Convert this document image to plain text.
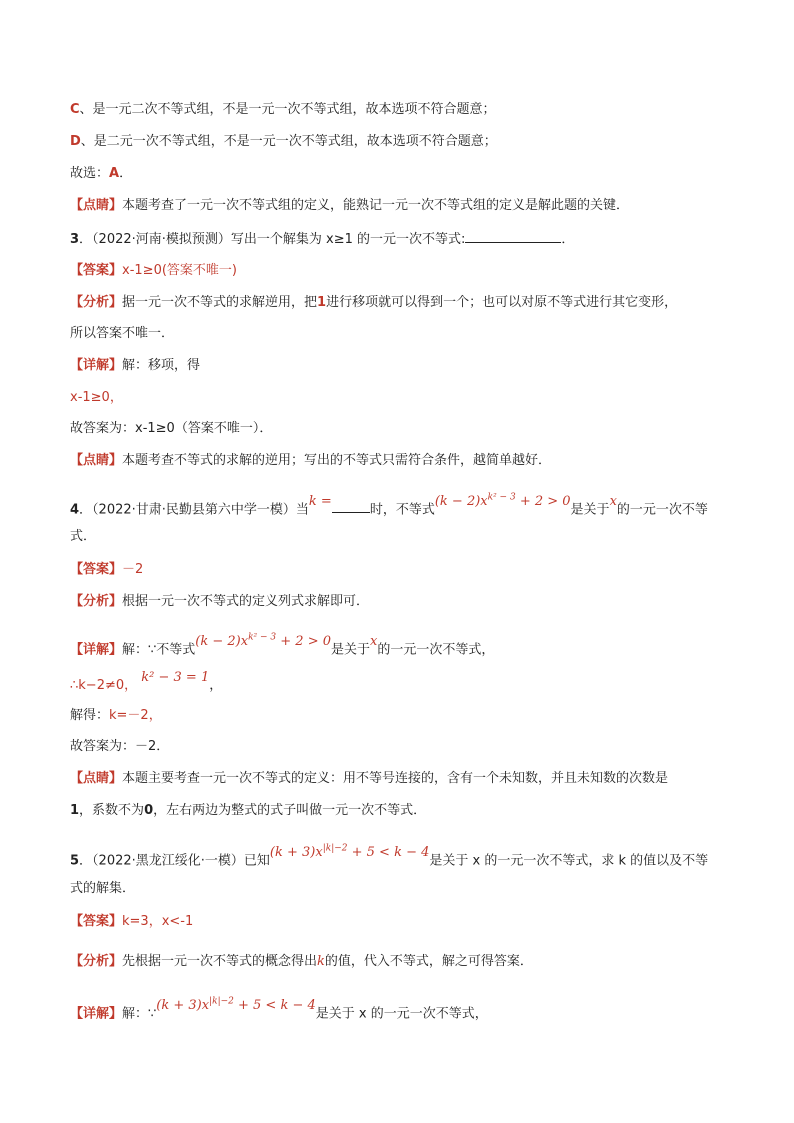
C、是一元二次不等式组，不是一元一次不等式组，故本选项不符合题意；
D、是二元一次不等式组，不是一元一次不等式组，故本选项不符合题意；
故选：A．
【点睛】本题考查了一元一次不等式组的定义，能熟记一元一次不等式组的定义是解此题的关键．
3．（2022·河南·模拟预测）写出一个解集为 x≥1 的一元一次不等式:	．
【答案】x-1≥0(答案不唯一)
【分析】据一元一次不等式的求解逆用，把1进行移项就可以得到一个；也可以对原不等式进行其它变形，
所以答案不唯一．
【详解】解：移项，得
x-1≥0，
故答案为：x-1≥0（答案不唯一）．
【点睛】本题考查不等式的求解的逆用；写出的不等式只需符合条件，越简单越好．
4．（2022·甘肃·民勤县第六中学一模）当k =时，不等式$(k - 2)x^{k^2 - 3} + 2 > 0$是关于x的一元一次不等
式．
【答案】－2
【分析】根据一元一次不等式的定义列式求解即可．
【详解】解：∵不等式$(k - 2)x^{k^2 - 3} + 2 > 0$是关于x的一元一次不等式，
∴k−2≠0， k² − 3 = 1，
解得：k=－2，
故答案为：－2．
【点睛】本题主要考查一元一次不等式的定义：用不等号连接的，含有一个未知数，并且未知数的次数是
1，系数不为0，左右两边为整式的式子叫做一元一次不等式．
5．（2022·黑龙江绥化·一模）已知$(k + 3)x^{|k|-2} + 5 < k - 4$是关于 x 的一元一次不等式，求 k 的值以及不等
式的解集．
【答案】k=3，x<-1
【分析】先根据一元一次不等式的概念得出k的值，代入不等式，解之可得答案．
【详解】解：∵(k + $3)x^{|k|-2} + 5 < k - 4$是关于 x 的一元一次不等式，
